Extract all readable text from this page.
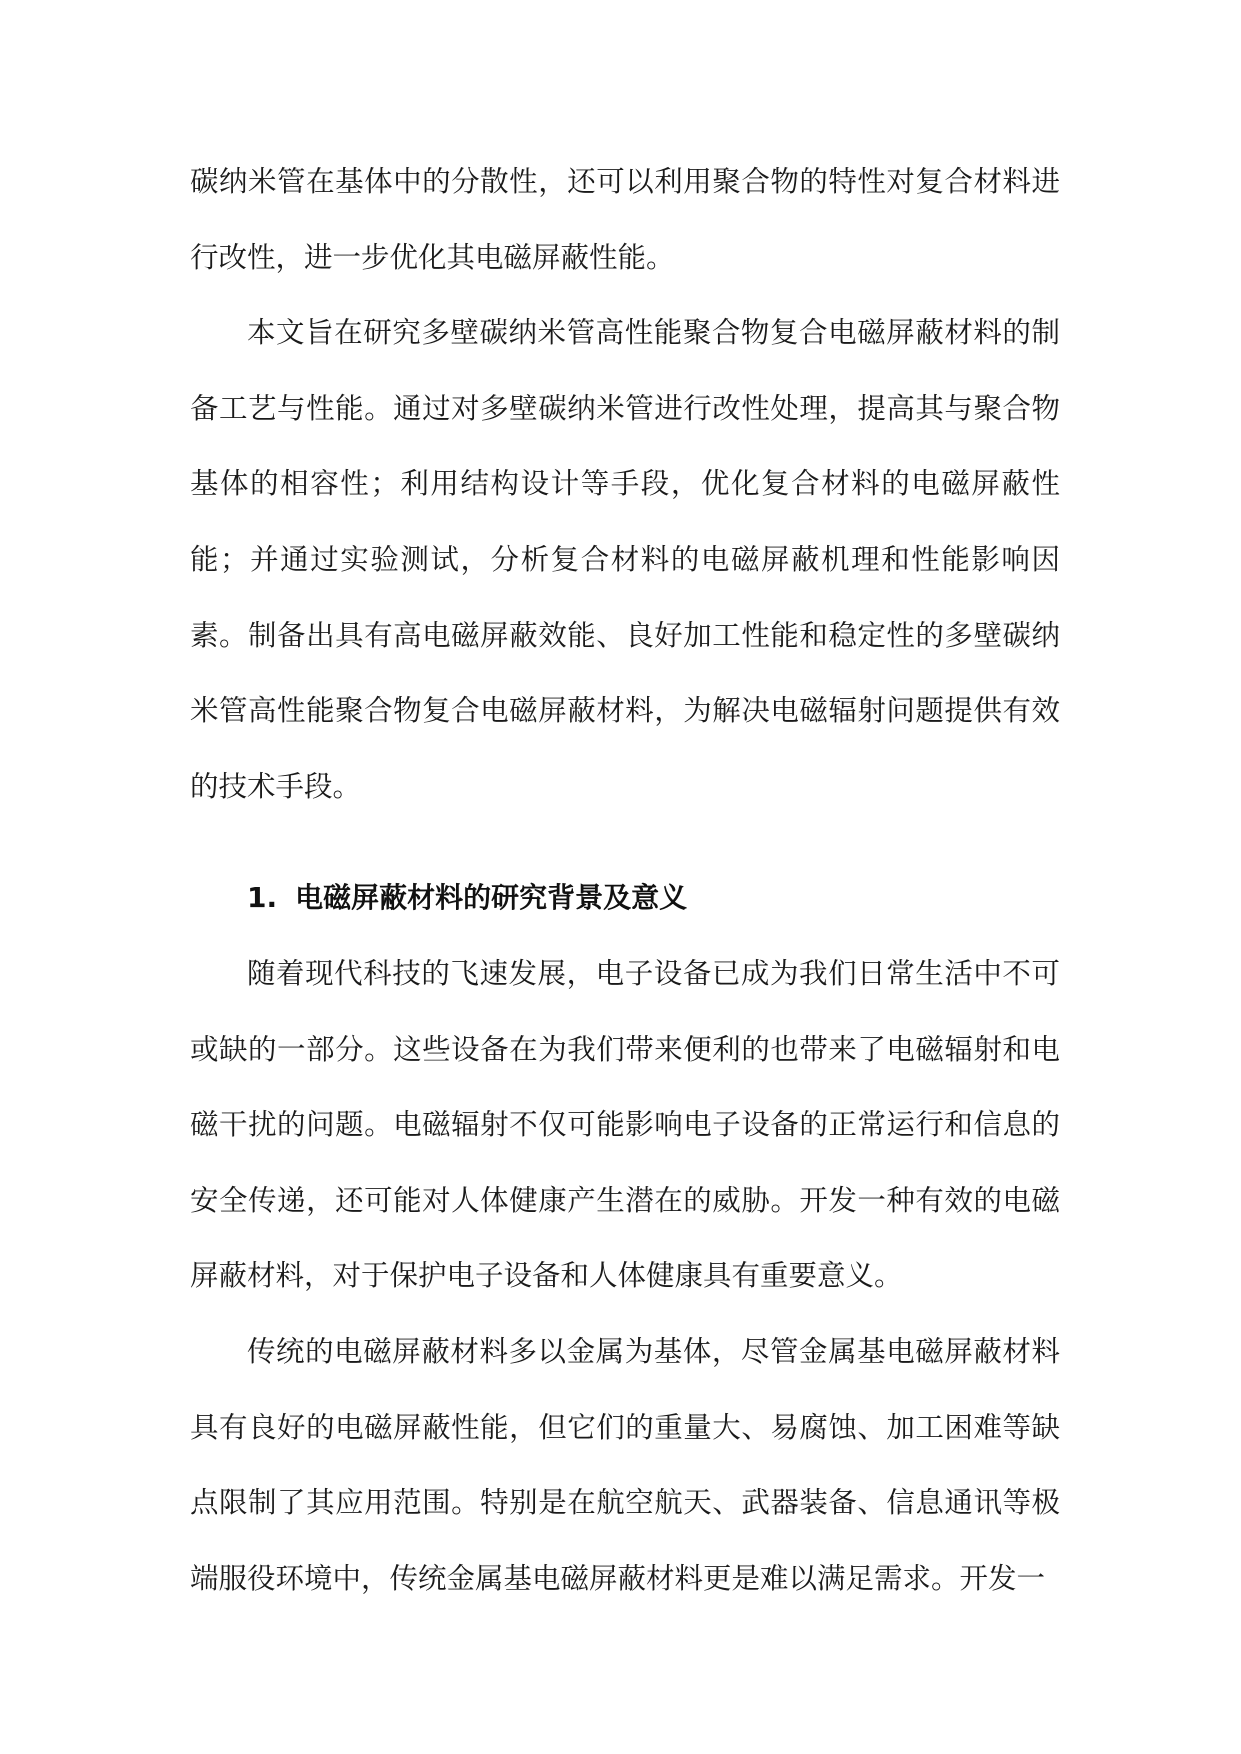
碳纳米管在基体中的分散性，还可以利用聚合物的特性对复合材料进行改性，进一步优化其电磁屏蔽性能。

本文旨在研究多壁碳纳米管高性能聚合物复合电磁屏蔽材料的制备工艺与性能。通过对多壁碳纳米管进行改性处理，提高其与聚合物基体的相容性；利用结构设计等手段，优化复合材料的电磁屏蔽性能；并通过实验测试，分析复合材料的电磁屏蔽机理和性能影响因素。制备出具有高电磁屏蔽效能、良好加工性能和稳定性的多壁碳纳米管高性能聚合物复合电磁屏蔽材料，为解决电磁辐射问题提供有效的技术手段。

1. 电磁屏蔽材料的研究背景及意义

随着现代科技的飞速发展，电子设备已成为我们日常生活中不可或缺的一部分。这些设备在为我们带来便利的也带来了电磁辐射和电磁干扰的问题。电磁辐射不仅可能影响电子设备的正常运行和信息的安全传递，还可能对人体健康产生潜在的威胁。开发一种有效的电磁屏蔽材料，对于保护电子设备和人体健康具有重要意义。

传统的电磁屏蔽材料多以金属为基体，尽管金属基电磁屏蔽材料具有良好的电磁屏蔽性能，但它们的重量大、易腐蚀、加工困难等缺点限制了其应用范围。特别是在航空航天、武器装备、信息通讯等极端服役环境中，传统金属基电磁屏蔽材料更是难以满足需求。开发一
